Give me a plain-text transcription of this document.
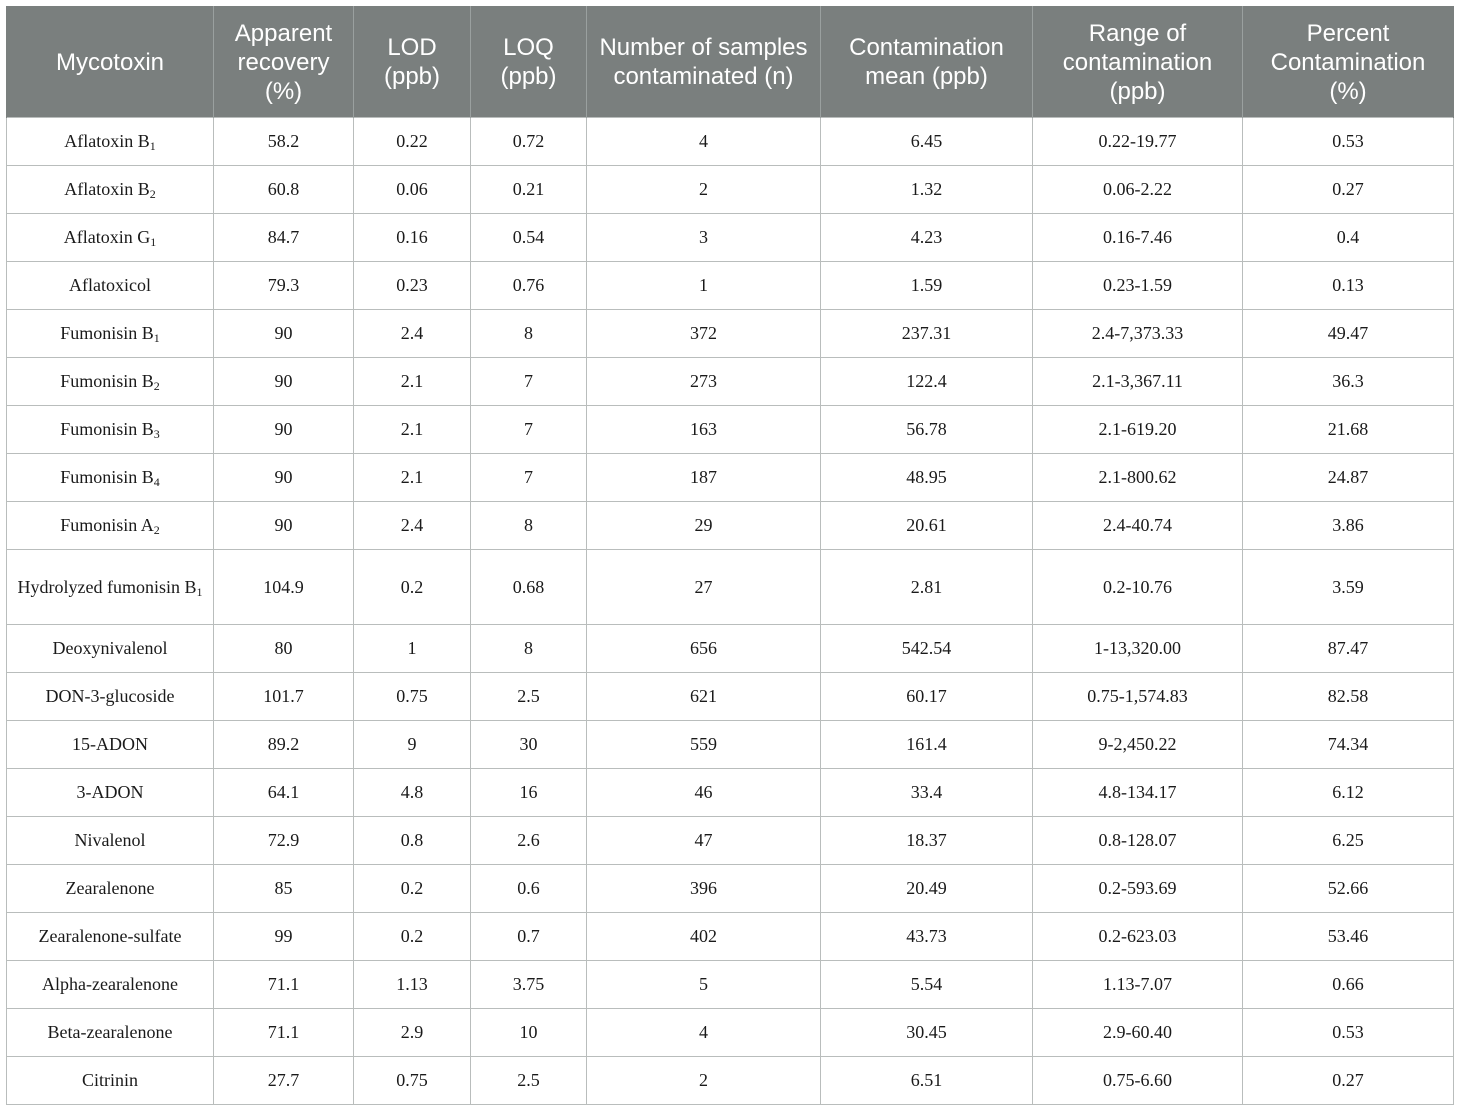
Mycotoxin	Apparent recovery (%)	LOD (ppb)	LOQ (ppb)	Number of samples contaminated (n)	Contamination mean (ppb)	Range of contamination (ppb)	Percent Contamination (%)
Aflatoxin $B_1$	58.2	0.22	0.72	4	6.45	0.22-19.77	0.53
Aflatoxin $B_2$	60.8	0.06	0.21	2	1.32	0.06-2.22	0.27
Aflatoxin $G_1$	84.7	0.16	0.54	3	4.23	0.16-7.46	0.4
Aflatoxicol	79.3	0.23	0.76	1	1.59	0.23-1.59	0.13
Fumonisin $B_1$	90	2.4	8	372	237.31	2.4-7,373.33	49.47
Fumonisin $B_2$	90	2.1	7	273	122.4	2.1-3,367.11	36.3
Fumonisin $B_3$	90	2.1	7	163	56.78	2.1-619.20	21.68
Fumonisin $B_4$	90	2.1	7	187	48.95	2.1-800.62	24.87
Fumonisin $A_2$	90	2.4	8	29	20.61	2.4-40.74	3.86
Hydrolyzed fumonisin $B_1$	104.9	0.2	0.68	27	2.81	0.2-10.76	3.59
Deoxynivalenol	80	1	8	656	542.54	1-13,320.00	87.47
DON-3-glucoside	101.7	0.75	2.5	621	60.17	0.75-1,574.83	82.58
15-ADON	89.2	9	30	559	161.4	9-2,450.22	74.34
3-ADON	64.1	4.8	16	46	33.4	4.8-134.17	6.12
Nivalenol	72.9	0.8	2.6	47	18.37	0.8-128.07	6.25
Zearalenone	85	0.2	0.6	396	20.49	0.2-593.69	52.66
Zearalenone-sulfate	99	0.2	0.7	402	43.73	0.2-623.03	53.46
Alpha-zearalenone	71.1	1.13	3.75	5	5.54	1.13-7.07	0.66
Beta-zearalenone	71.1	2.9	10	4	30.45	2.9-60.40	0.53
Citrinin	27.7	0.75	2.5	2	6.51	0.75-6.60	0.27
